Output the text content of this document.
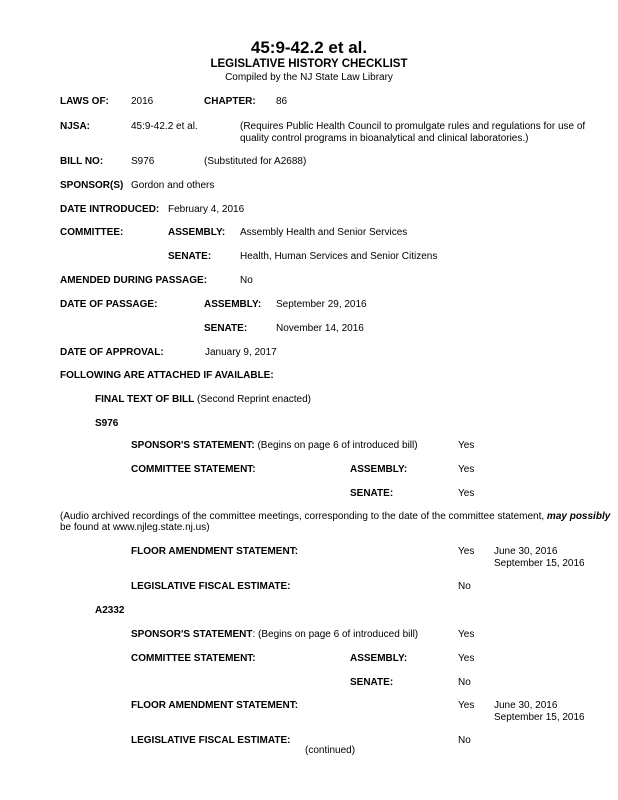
45:9-42.2 et al.
LEGISLATIVE HISTORY CHECKLIST
Compiled by the NJ State Law Library
LAWS OF: 2016	CHAPTER: 86
NJSA:	45:9-42.2 et al.	(Requires Public Health Council to promulgate rules and regulations for use of
quality control programs in bioanalytical and clinical laboratories.)
BILL NO:	S976	(Substituted for A2688)
SPONSOR(S) Gordon and others
DATE INTRODUCED: February 4, 2016
COMMITTEE:	ASSEMBLY: Assembly Health and Senior Services
SENATE:	Health, Human Services and Senior Citizens
AMENDED DURING PASSAGE:	No
DATE OF PASSAGE:	ASSEMBLY: September 29, 2016
SENATE:	November 14, 2016
DATE OF APPROVAL:	January 9, 2017
FOLLOWING ARE ATTACHED IF AVAILABLE:
FINAL TEXT OF BILL (Second Reprint enacted)
S976
SPONSOR'S STATEMENT: (Begins on page 6 of introduced bill)	Yes
COMMITTEE STATEMENT:	ASSEMBLY:	Yes
SENATE:	Yes
(Audio archived recordings of the committee meetings, corresponding to the date of the committee statement, may possibly
be found at www.njleg.state.nj.us)
FLOOR AMENDMENT STATEMENT:	Yes June 30, 2016
September 15, 2016
LEGISLATIVE FISCAL ESTIMATE:	No
A2332
SPONSOR'S STATEMENT: (Begins on page 6 of introduced bill)	Yes
COMMITTEE STATEMENT:	ASSEMBLY:	Yes
SENATE:	No
FLOOR AMENDMENT STATEMENT:	Yes June 30, 2016
September 15, 2016
LEGISLATIVE FISCAL ESTIMATE:	No
(continued)
